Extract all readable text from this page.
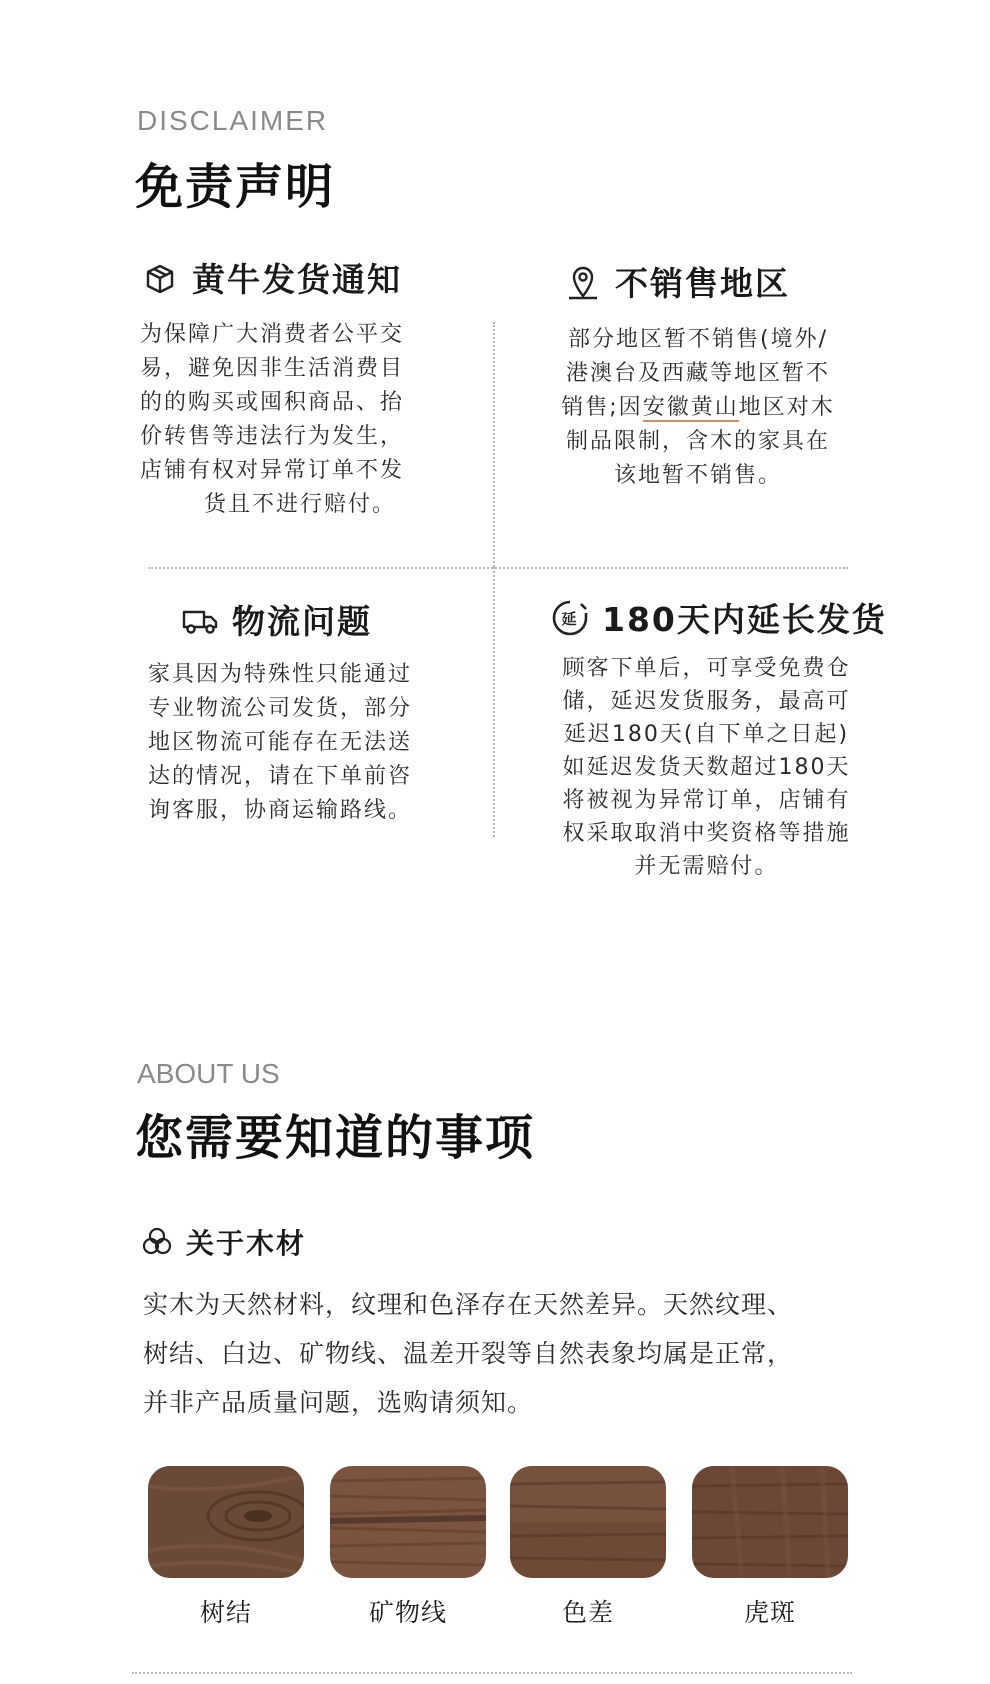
DISCLAIMER
免责声明
黄牛发货通知
为保障广大消费者公平交
易，避免因非生活消费目
的的购买或囤积商品、抬
价转售等违法行为发生，
店铺有权对异常订单不发
货且不进行赔付。
不销售地区
部分地区暂不销售(境外/
港澳台及西藏等地区暂不
销售;因安徽黄山地区对木
制品限制，含木的家具在
该地暂不销售。
物流问题
家具因为特殊性只能通过
专业物流公司发货，部分
地区物流可能存在无法送
达的情况，请在下单前咨
询客服，协商运输路线。
延 180天内延长发货
顾客下单后，可享受免费仓
储，延迟发货服务，最高可
延迟180天(自下单之日起)
如延迟发货天数超过180天
将被视为异常订单，店铺有
权采取取消中奖资格等措施
并无需赔付。
ABOUT US
您需要知道的事项
关于木材
实木为天然材料，纹理和色泽存在天然差异。天然纹理、
树结、白边、矿物线、温差开裂等自然表象均属是正常，
并非产品质量问题，选购请须知。
树结	矿物线	色差	虎斑
